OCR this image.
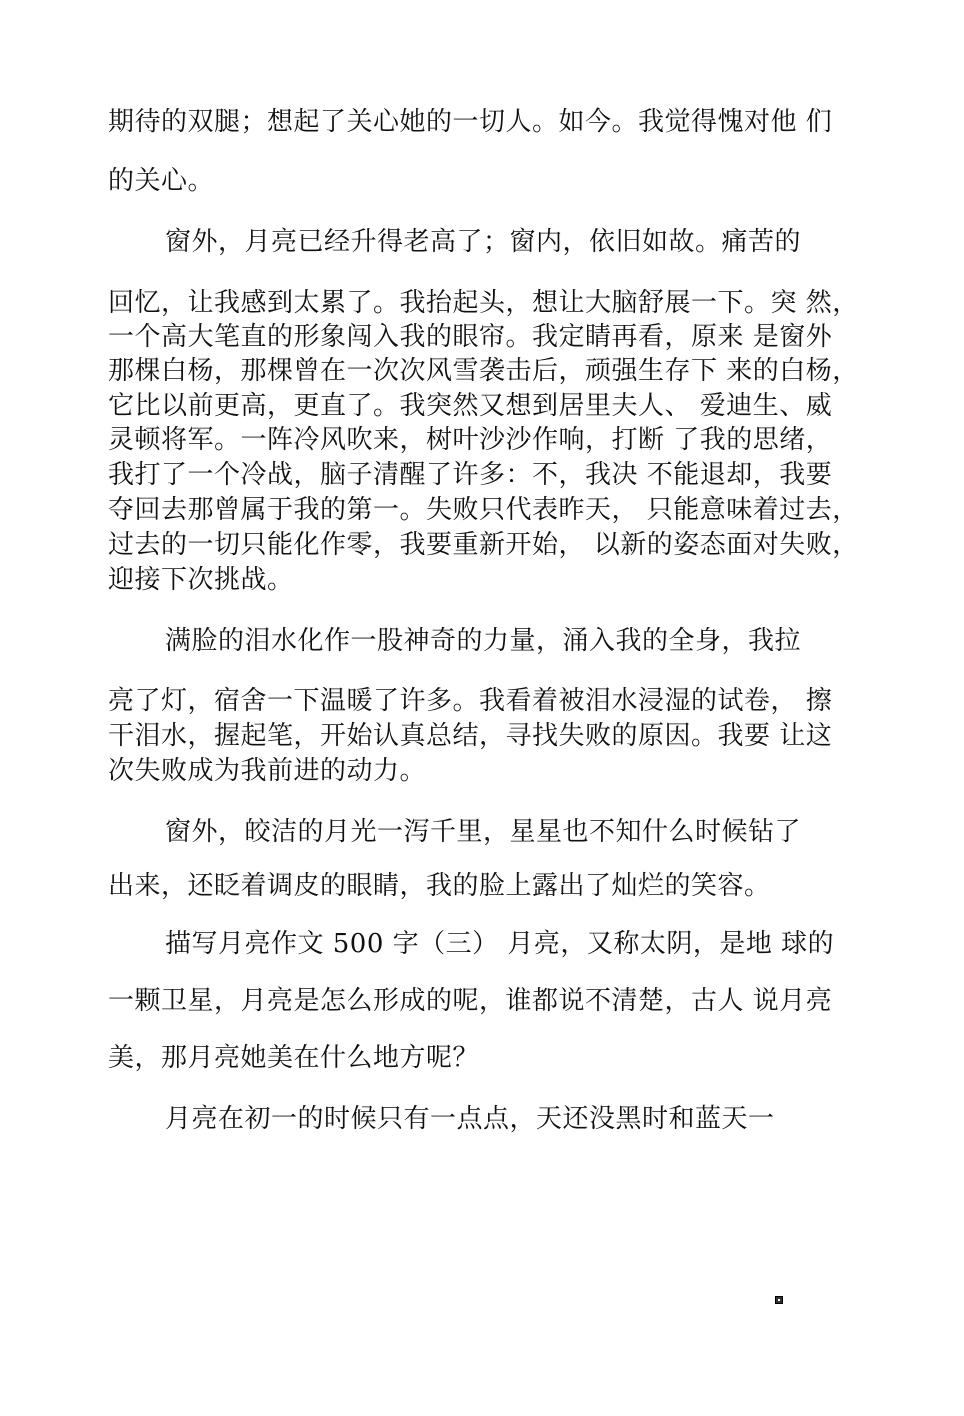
期待的双腿；想起了关心她的一切人。如今。我觉得愧对他 们
的关心。
窗外，月亮已经升得老高了；窗内，依旧如故。痛苦的
回忆，让我感到太累了。我抬起头，想让大脑舒展一下。突 然，
一个高大笔直的形象闯入我的眼帘。我定睛再看，原来 是窗外
那棵白杨，那棵曾在一次次风雪袭击后，顽强生存下 来的白杨，
它比以前更高，更直了。我突然又想到居里夫人、 爱迪生、威
灵顿将军。一阵冷风吹来，树叶沙沙作响，打断 了我的思绪，
我打了一个冷战，脑子清醒了许多：不，我决 不能退却，我要
夺回去那曾属于我的第一。失败只代表昨天， 只能意味着过去，
过去的一切只能化作零，我要重新开始， 以新的姿态面对失败，
迎接下次挑战。
满脸的泪水化作一股神奇的力量，涌入我的全身，我拉
亮了灯，宿舍一下温暖了许多。我看着被泪水浸湿的试卷， 擦
干泪水，握起笔，开始认真总结，寻找失败的原因。我要 让这
次失败成为我前进的动力。
窗外，皎洁的月光一泻千里，星星也不知什么时候钻了
出来，还眨着调皮的眼睛，我的脸上露出了灿烂的笑容。
描写月亮作文 500 字（三） 月亮，又称太阴，是地 球的
一颗卫星，月亮是怎么形成的呢，谁都说不清楚，古人 说月亮
美，那月亮她美在什么地方呢？
月亮在初一的时候只有一点点，天还没黑时和蓝天一
